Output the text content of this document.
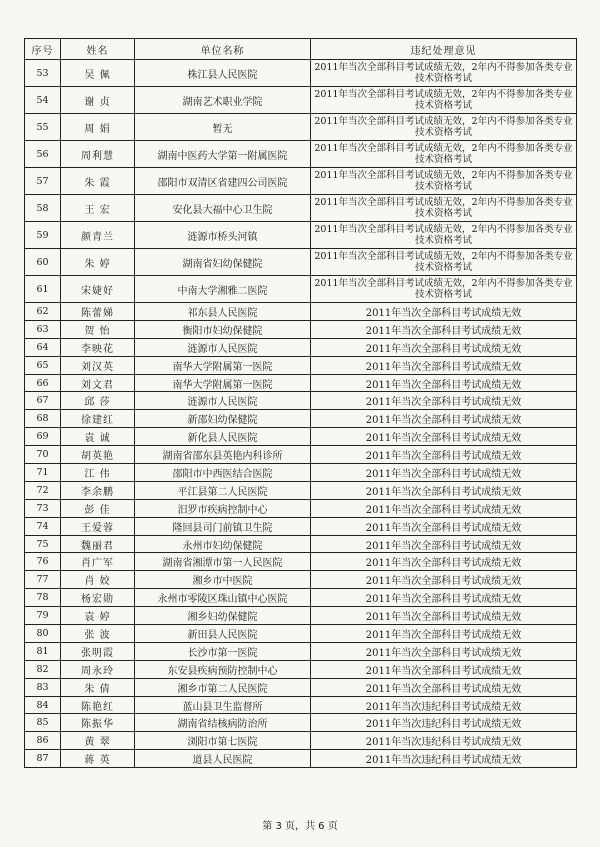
序号	姓名	单位名称	违纪处理意见
53	吴 佩	株江县人民医院	2011年当次全部科目考试成绩无效，2年内不得参加各类专业技术资格考试
54	谢 贞	湖南艺术职业学院	2011年当次全部科目考试成绩无效，2年内不得参加各类专业技术资格考试
55	周 娟	暂无	2011年当次全部科目考试成绩无效，2年内不得参加各类专业技术资格考试
56	周利慧	湖南中医药大学第一附属医院	2011年当次全部科目考试成绩无效，2年内不得参加各类专业技术资格考试
57	朱 霞	邵阳市双清区省建四公司医院	2011年当次全部科目考试成绩无效，2年内不得参加各类专业技术资格考试
58	王 宏	安化县大福中心卫生院	2011年当次全部科目考试成绩无效，2年内不得参加各类专业技术资格考试
59	颜青兰	涟源市桥头河镇	2011年当次全部科目考试成绩无效，2年内不得参加各类专业技术资格考试
60	朱 婷	湖南省妇幼保健院	2011年当次全部科目考试成绩无效，2年内不得参加各类专业技术资格考试
61	宋婕好	中南大学湘雅二医院	2011年当次全部科目考试成绩无效，2年内不得参加各类专业技术资格考试
62	陈蕾娣	祁东县人民医院	2011年当次全部科目考试成绩无效
63	贺 怡	衡阳市妇幼保健院	2011年当次全部科目考试成绩无效
64	李映花	涟源市人民医院	2011年当次全部科目考试成绩无效
65	刘汉英	南华大学附属第一医院	2011年当次全部科目考试成绩无效
66	刘文君	南华大学附属第一医院	2011年当次全部科目考试成绩无效
67	邱 莎	涟源市人民医院	2011年当次全部科目考试成绩无效
68	徐建红	新邵妇幼保健院	2011年当次全部科目考试成绩无效
69	袁 诚	新化县人民医院	2011年当次全部科目考试成绩无效
70	胡英艳	湖南省邵东县英艳内科诊所	2011年当次全部科目考试成绩无效
71	江 伟	邵阳市中西医结合医院	2011年当次全部科目考试成绩无效
72	李余鹏	平江县第二人民医院	2011年当次全部科目考试成绩无效
73	彭 佳	汨罗市疾病控制中心	2011年当次全部科目考试成绩无效
74	王爱蓉	隆回县司门前镇卫生院	2011年当次全部科目考试成绩无效
75	魏丽君	永州市妇幼保健院	2011年当次全部科目考试成绩无效
76	肖广军	湖南省湘潭市第一人民医院	2011年当次全部科目考试成绩无效
77	肖 姣	湘乡市中医院	2011年当次全部科目考试成绩无效
78	杨宏勋	永州市零陵区珠山镇中心医院	2011年当次全部科目考试成绩无效
79	袁 婷	湘乡妇幼保健院	2011年当次全部科目考试成绩无效
80	张 波	新田县人民医院	2011年当次全部科目考试成绩无效
81	张明霞	长沙市第一医院	2011年当次全部科目考试成绩无效
82	周永玲	东安县疾病预防控制中心	2011年当次全部科目考试成绩无效
83	朱 倩	湘乡市第二人民医院	2011年当次全部科目考试成绩无效
84	陈艳红	蓝山县卫生监督所	2011年当次违纪科目考试成绩无效
85	陈振华	湖南省结核病防治所	2011年当次违纪科目考试成绩无效
86	黄 翠	浏阳市第七医院	2011年当次违纪科目考试成绩无效
87	蒋 英	道县人民医院	2011年当次违纪科目考试成绩无效
第 3 页，共 6 页
